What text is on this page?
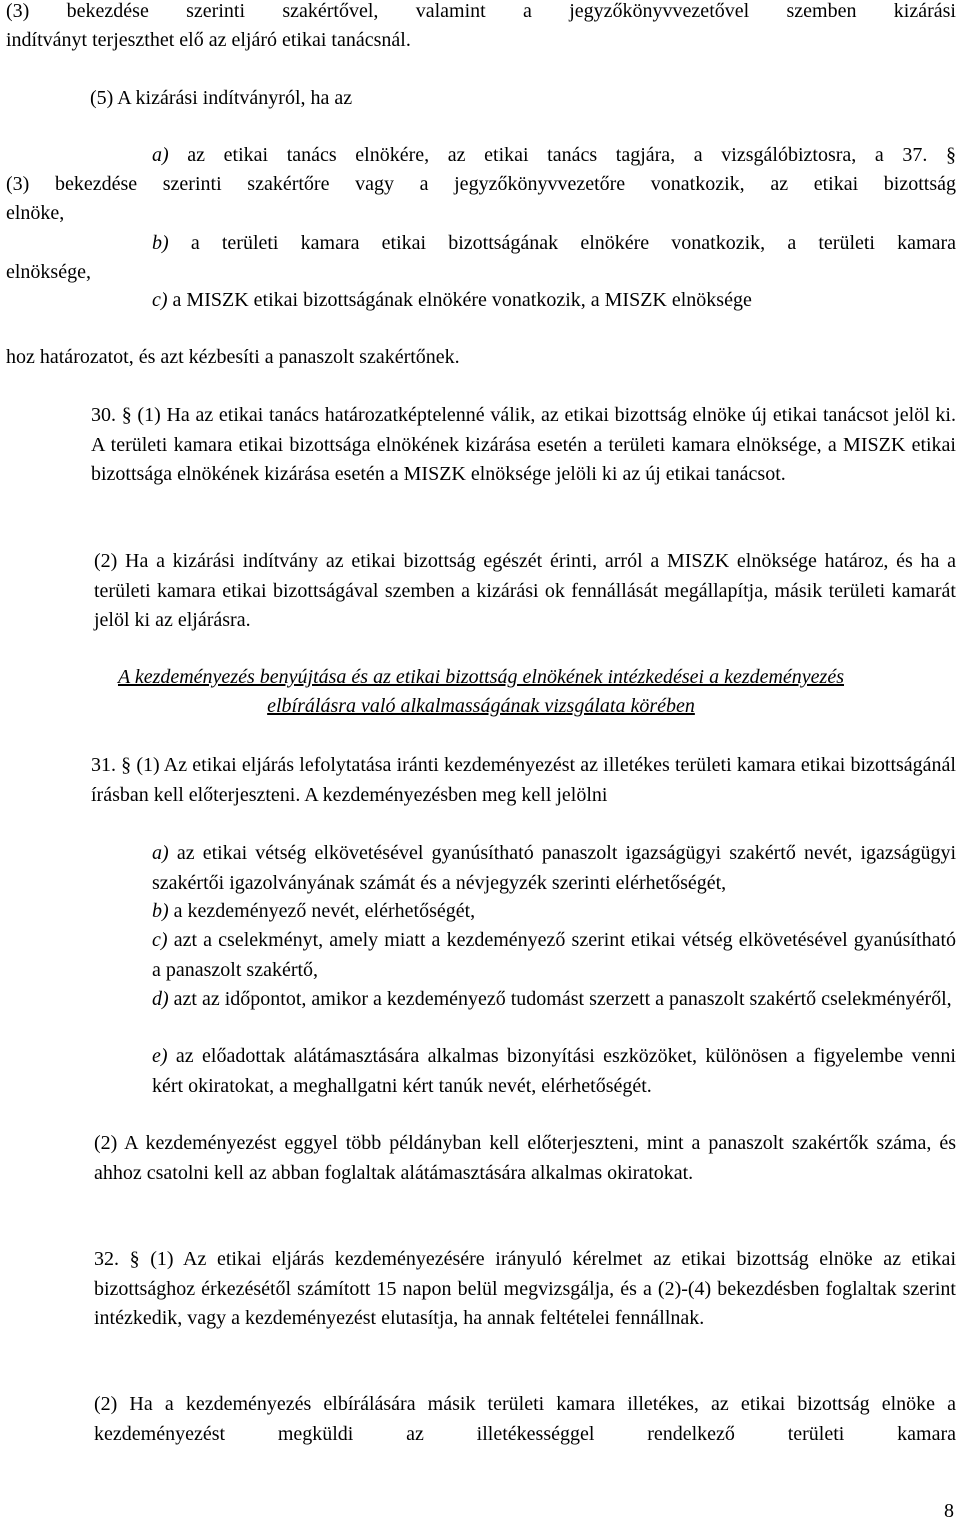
(3) bekezdése szerinti szakértővel, valamint a jegyzőkönyvvezetővel szemben kizárási
indítványt terjeszthet elő az eljáró etikai tanácsnál.
(5) A kizárási indítványról, ha az
a) az etikai tanács elnökére, az etikai tanács tagjára, a vizsgálóbiztosra, a 37. §
(3) bekezdése szerinti szakértőre vagy a jegyzőkönyvvezetőre vonatkozik, az etikai bizottság
elnöke,
b) a területi kamara etikai bizottságának elnökére vonatkozik, a területi kamara
elnöksége,
c) a MISZK etikai bizottságának elnökére vonatkozik, a MISZK elnöksége
hoz határozatot, és azt kézbesíti a panaszolt szakértőnek.
30. § (1) Ha az etikai tanács határozatképtelenné válik, az etikai bizottság elnöke új etikai tanácsot jelöl ki. A területi kamara etikai bizottsága elnökének kizárása esetén a területi kamara elnöksége, a MISZK etikai bizottsága elnökének kizárása esetén a MISZK elnöksége jelöli ki az új etikai tanácsot.
(2) Ha a kizárási indítvány az etikai bizottság egészét érinti, arról a MISZK elnöksége határoz, és ha a területi kamara etikai bizottságával szemben a kizárási ok fennállását megállapítja, másik területi kamarát jelöl ki az eljárásra.
A kezdeményezés benyújtása és az etikai bizottság elnökének intézkedései a kezdeményezés
elbírálásra való alkalmasságának vizsgálata körében
31. § (1) Az etikai eljárás lefolytatása iránti kezdeményezést az illetékes területi kamara etikai bizottságánál írásban kell előterjeszteni. A kezdeményezésben meg kell jelölni
a) az etikai vétség elkövetésével gyanúsítható panaszolt igazságügyi szakértő nevét, igazságügyi szakértői igazolványának számát és a névjegyzék szerinti elérhetőségét,
b) a kezdeményező nevét, elérhetőségét,
c) azt a cselekményt, amely miatt a kezdeményező szerint etikai vétség elkövetésével gyanúsítható a panaszolt szakértő,
d) azt az időpontot, amikor a kezdeményező tudomást szerzett a panaszolt szakértő cselekményéről,
e) az előadottak alátámasztására alkalmas bizonyítási eszközöket, különösen a figyelembe venni kért okiratokat, a meghallgatni kért tanúk nevét, elérhetőségét.
(2) A kezdeményezést eggyel több példányban kell előterjeszteni, mint a panaszolt szakértők száma, és ahhoz csatolni kell az abban foglaltak alátámasztására alkalmas okiratokat.
32. § (1) Az etikai eljárás kezdeményezésére irányuló kérelmet az etikai bizottság elnöke az etikai bizottsághoz érkezésétől számított 15 napon belül megvizsgálja, és a (2)-(4) bekezdésben foglaltak szerint intézkedik, vagy a kezdeményezést elutasítja, ha annak feltételei fennállnak.
(2) Ha a kezdeményezés elbírálására másik területi kamara illetékes, az etikai bizottság elnöke a kezdeményezést megküldi az illetékességgel rendelkező területi kamara
8
